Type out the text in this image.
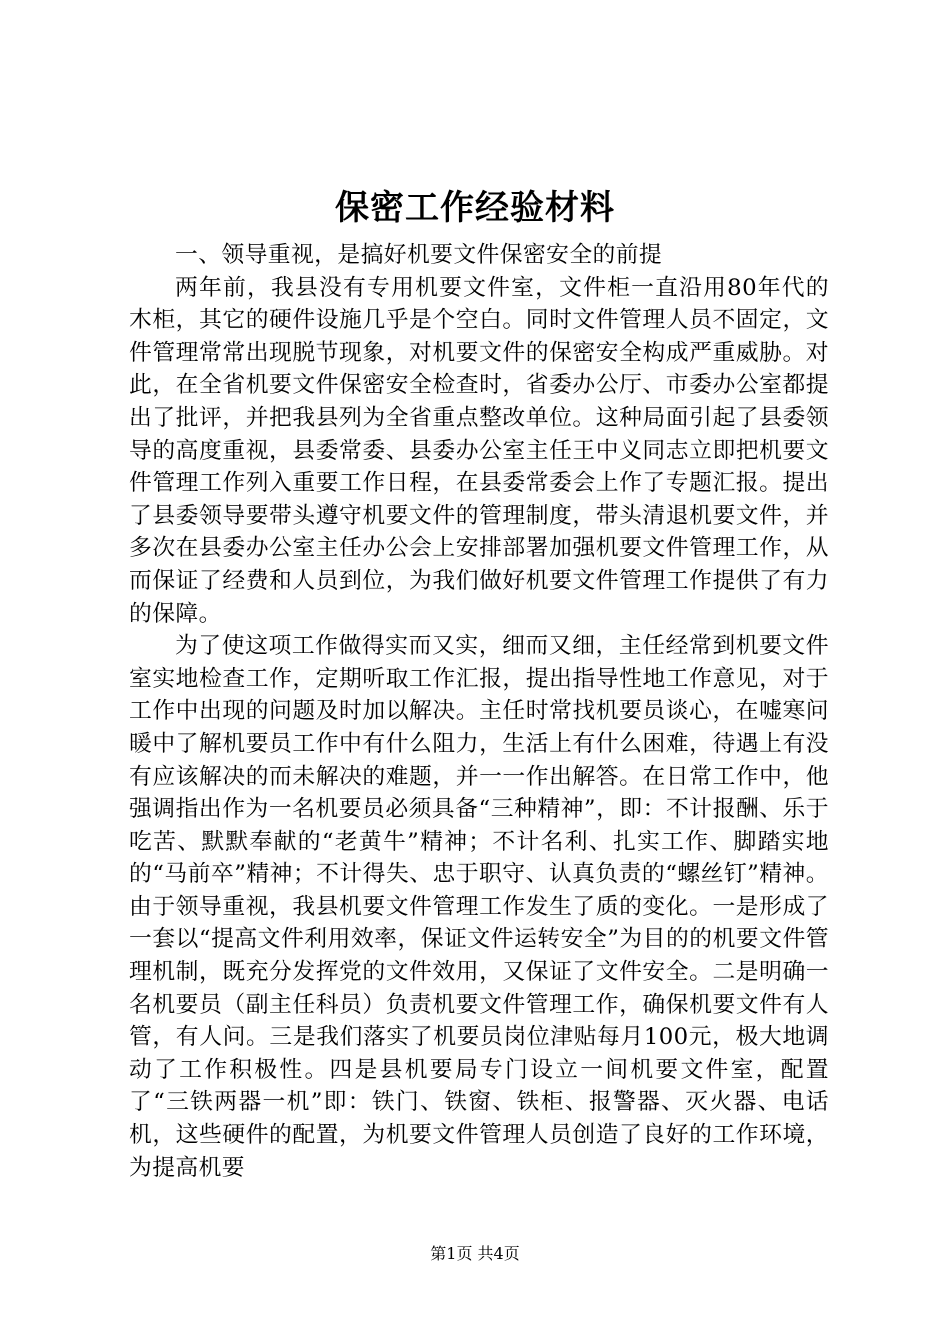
保密工作经验材料

一、领导重视，是搞好机要文件保密安全的前提

两年前，我县没有专用机要文件室，文件柜一直沿用80年代的木柜，其它的硬件设施几乎是个空白。同时文件管理人员不固定，文件管理常常出现脱节现象，对机要文件的保密安全构成严重威胁。对此，在全省机要文件保密安全检查时，省委办公厅、市委办公室都提出了批评，并把我县列为全省重点整改单位。这种局面引起了县委领导的高度重视，县委常委、县委办公室主任王中义同志立即把机要文件管理工作列入重要工作日程，在县委常委会上作了专题汇报。提出了县委领导要带头遵守机要文件的管理制度，带头清退机要文件，并多次在县委办公室主任办公会上安排部署加强机要文件管理工作，从而保证了经费和人员到位，为我们做好机要文件管理工作提供了有力的保障。

为了使这项工作做得实而又实，细而又细，主任经常到机要文件室实地检查工作，定期听取工作汇报，提出指导性地工作意见，对于工作中出现的问题及时加以解决。主任时常找机要员谈心，在嘘寒问暖中了解机要员工作中有什么阻力，生活上有什么困难，待遇上有没有应该解决的而未解决的难题，并一一作出解答。在日常工作中，他强调指出作为一名机要员必须具备“三种精神”，即：不计报酬、乐于吃苦、默默奉献的“老黄牛”精神；不计名利、扎实工作、脚踏实地的“马前卒”精神；不计得失、忠于职守、认真负责的“螺丝钉”精神。由于领导重视，我县机要文件管理工作发生了质的变化。一是形成了一套以“提高文件利用效率，保证文件运转安全”为目的的机要文件管理机制，既充分发挥党的文件效用，又保证了文件安全。二是明确一名机要员（副主任科员）负责机要文件管理工作，确保机要文件有人管，有人问。三是我们落实了机要员岗位津贴每月100元，极大地调动了工作积极性。四是县机要局专门设立一间机要文件室，配置了“三铁两器一机”即：铁门、铁窗、铁柜、报警器、灭火器、电话机，这些硬件的配置，为机要文件管理人员创造了良好的工作环境，为提高机要

第1页 共4页
